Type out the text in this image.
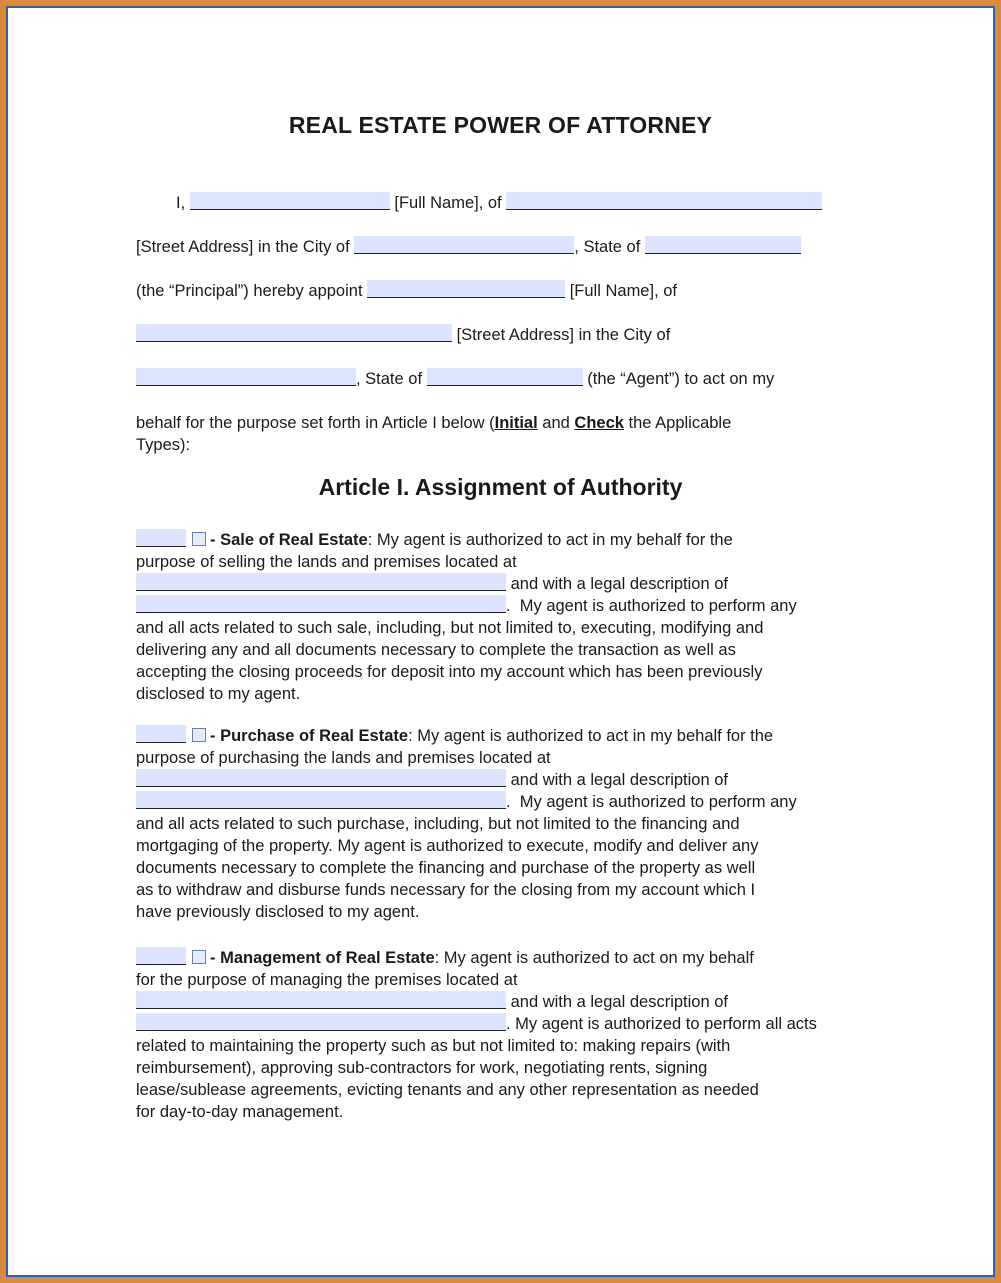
REAL ESTATE POWER OF ATTORNEY
I,	[Full Name], of
[Street Address] in the City of	, State of
(the “Principal”) hereby appoint	[Full Name], of
[Street Address] in the City of
, State of	(the “Agent”) to act on my
behalf for the purpose set forth in Article I below (Initial and Check the Applicable
Types):
Article I. Assignment of Authority
- Sale of Real Estate: My agent is authorized to act in my behalf for the
purpose of selling the lands and premises located at
and with a legal description of
.  My agent is authorized to perform any
and all acts related to such sale, including, but not limited to, executing, modifying and
delivering any and all documents necessary to complete the transaction as well as
accepting the closing proceeds for deposit into my account which has been previously
disclosed to my agent.
- Purchase of Real Estate: My agent is authorized to act in my behalf for the
purpose of purchasing the lands and premises located at
and with a legal description of
.  My agent is authorized to perform any
and all acts related to such purchase, including, but not limited to the financing and
mortgaging of the property. My agent is authorized to execute, modify and deliver any
documents necessary to complete the financing and purchase of the property as well
as to withdraw and disburse funds necessary for the closing from my account which I
have previously disclosed to my agent.
- Management of Real Estate: My agent is authorized to act on my behalf
for the purpose of managing the premises located at
and with a legal description of
. My agent is authorized to perform all acts
related to maintaining the property such as but not limited to: making repairs (with
reimbursement), approving sub-contractors for work, negotiating rents, signing
lease/sublease agreements, evicting tenants and any other representation as needed
for day-to-day management.
